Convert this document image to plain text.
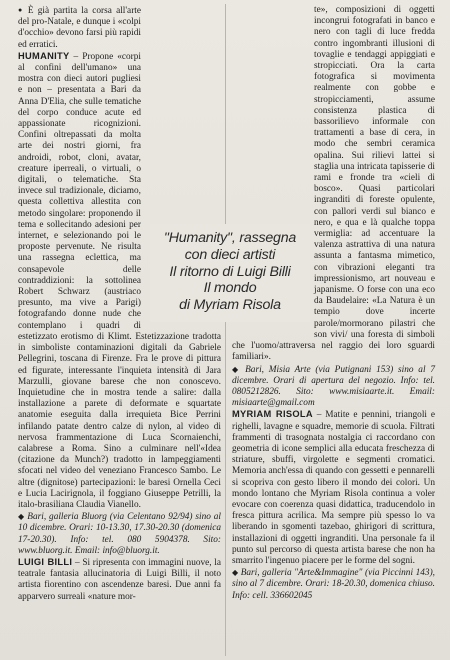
● È già partita la corsa all'arte del pro-Natale, e dunque i «colpi d'occhio» devono farsi più rapidi ed erratici.

HUMANITY – Propone «corpi al confini dell'umano» una mostra con dieci autori pugliesi e non – presentata a Bari da Anna D'Elia, che sulle tematiche del corpo conduce acute ed appassionate ricognizioni. Confini oltrepassati da molta arte dei nostri giorni, fra androidi, robot, cloni, avatar, creature iperreali, o virtuali, o digitali, o telematiche. Sta invece sul tradizionale, diciamo, questa collettiva allestita con metodo singolare: proponendo il tema e sollecitando adesioni per internet, e selezionando poi le proposte pervenute. Ne risulta una rassegna eclettica, ma consapevole delle contraddizioni: la sottolinea Robert Schwarz (austriaco presunto, ma vive a Parigi) fotografando donne nude che contemplano i quadri di estetizzato erotismo di Klimt. Estetizzazione tradotta in simboliste contaminazioni digitali da Gabriele Pellegrini, toscana di Firenze. Fra le prove di pittura ed figurate, interessante l'inquieta intensità di Jara Marzulli, giovane barese che non conoscevo. Inquietudine che in mostra tende a salire: dalla installazione a parete di deformate e squartate anatomie eseguita dalla irrequieta Bice Perrini infilando patate dentro calze di nylon, al video di nervosa frammentazione di Luca Scornaienchi, calabrese a Roma. Sino a culminare nell'«Idea (citazione da Munch?) tradotto in lampeggiamenti sfocati nel video del veneziano Francesco Sambo. Le altre (dignitose) partecipazioni: le baresi Ornella Ceci e Lucia Lacirignola, il foggiano Giuseppe Petrilli, la italo-brasiliana Claudia Vianello.

◆ Bari, galleria Bluorg (via Celentano 92/94) sino al 10 dicembre. Orari: 10-13.30, 17.30-20.30 (domenica 17-20.30). Info: tel. 080 5904378. Sito: www.bluorg.it. Email: info@bluorg.it.

LUIGI BILLI – Si ripresenta con immagini nuove, la teatrale fantasia allucinatoria di Luigi Billi, il noto artista fiorentino con ascendenze baresi. Due anni fa apparvero surreali «nature mor-

te», composizioni di oggetti incongrui fotografati in banco e nero con tagli di luce fredda contro ingombranti illusioni di tovaglie e tendaggi appiggiati e stropicciati. Ora la carta fotografica si movimenta realmente con gobbe e stropicciamenti, assume consistenza plastica di bassorilievo informale con trattamenti a base di cera, in modo che sembri ceramica opalina. Sui rilievi lattei si staglia una intricata tapisserie di rami e fronde tra «cieli di bosco». Quasi particolari ingranditi di foreste opulente, con pallori verdi sul bianco e nero, e qua e là qualche toppa vermiglia: ad accentuare la valenza astrattiva di una natura assunta a fantasma mimetico, con vibrazioni eleganti tra impressionismo, art nouveau e japanisme. O forse con una eco da Baudelaire: «La Natura è un tempio dove incerte parole/mormorano pilastri che son vivi/ una foresta di simboli che l'uomo/attraversa nel raggio dei loro sguardi familiari».

◆ Bari, Misia Arte (via Putignani 153) sino al 7 dicembre. Orari di apertura del negozio. Info: tel. 0805212826. Sito: www.misiaarte.it. Email: misiaarte@gmail.com

MYRIAM RISOLA – Matite e pennini, triangoli e righelli, lavagne e squadre, memorie di scuola. Filtrati frammenti di trasognata nostalgia ci raccordano con geometria di icone semplici alla educata freschezza di striature, sbuffi, virgolette e segmenti cromatici. Memoria anch'essa di quando con gessetti e pennarelli si scopriva con gesto libero il mondo dei colori. Un mondo lontano che Myriam Risola continua a voler evocare con coerenza quasi didattica, traducendolo in fresca pittura acrilica. Ma sempre più spesso lo va liberando in sgomenti tazebao, ghirigori di scrittura, installazioni di oggetti ingranditi. Una personale fa il punto sul percorso di questa artista barese che non ha smarrito l'ingenuo piacere per le forme del sogni.

◆ Bari, galleria "Arte&Immagine" (via Piccinni 143), sino al 7 dicembre. Orari: 18-20.30, domenica chiuso. Info: cell. 336602045

"Humanity", rassegna
con dieci artisti
Il ritorno di Luigi Billi
Il mondo
di Myriam Risola
